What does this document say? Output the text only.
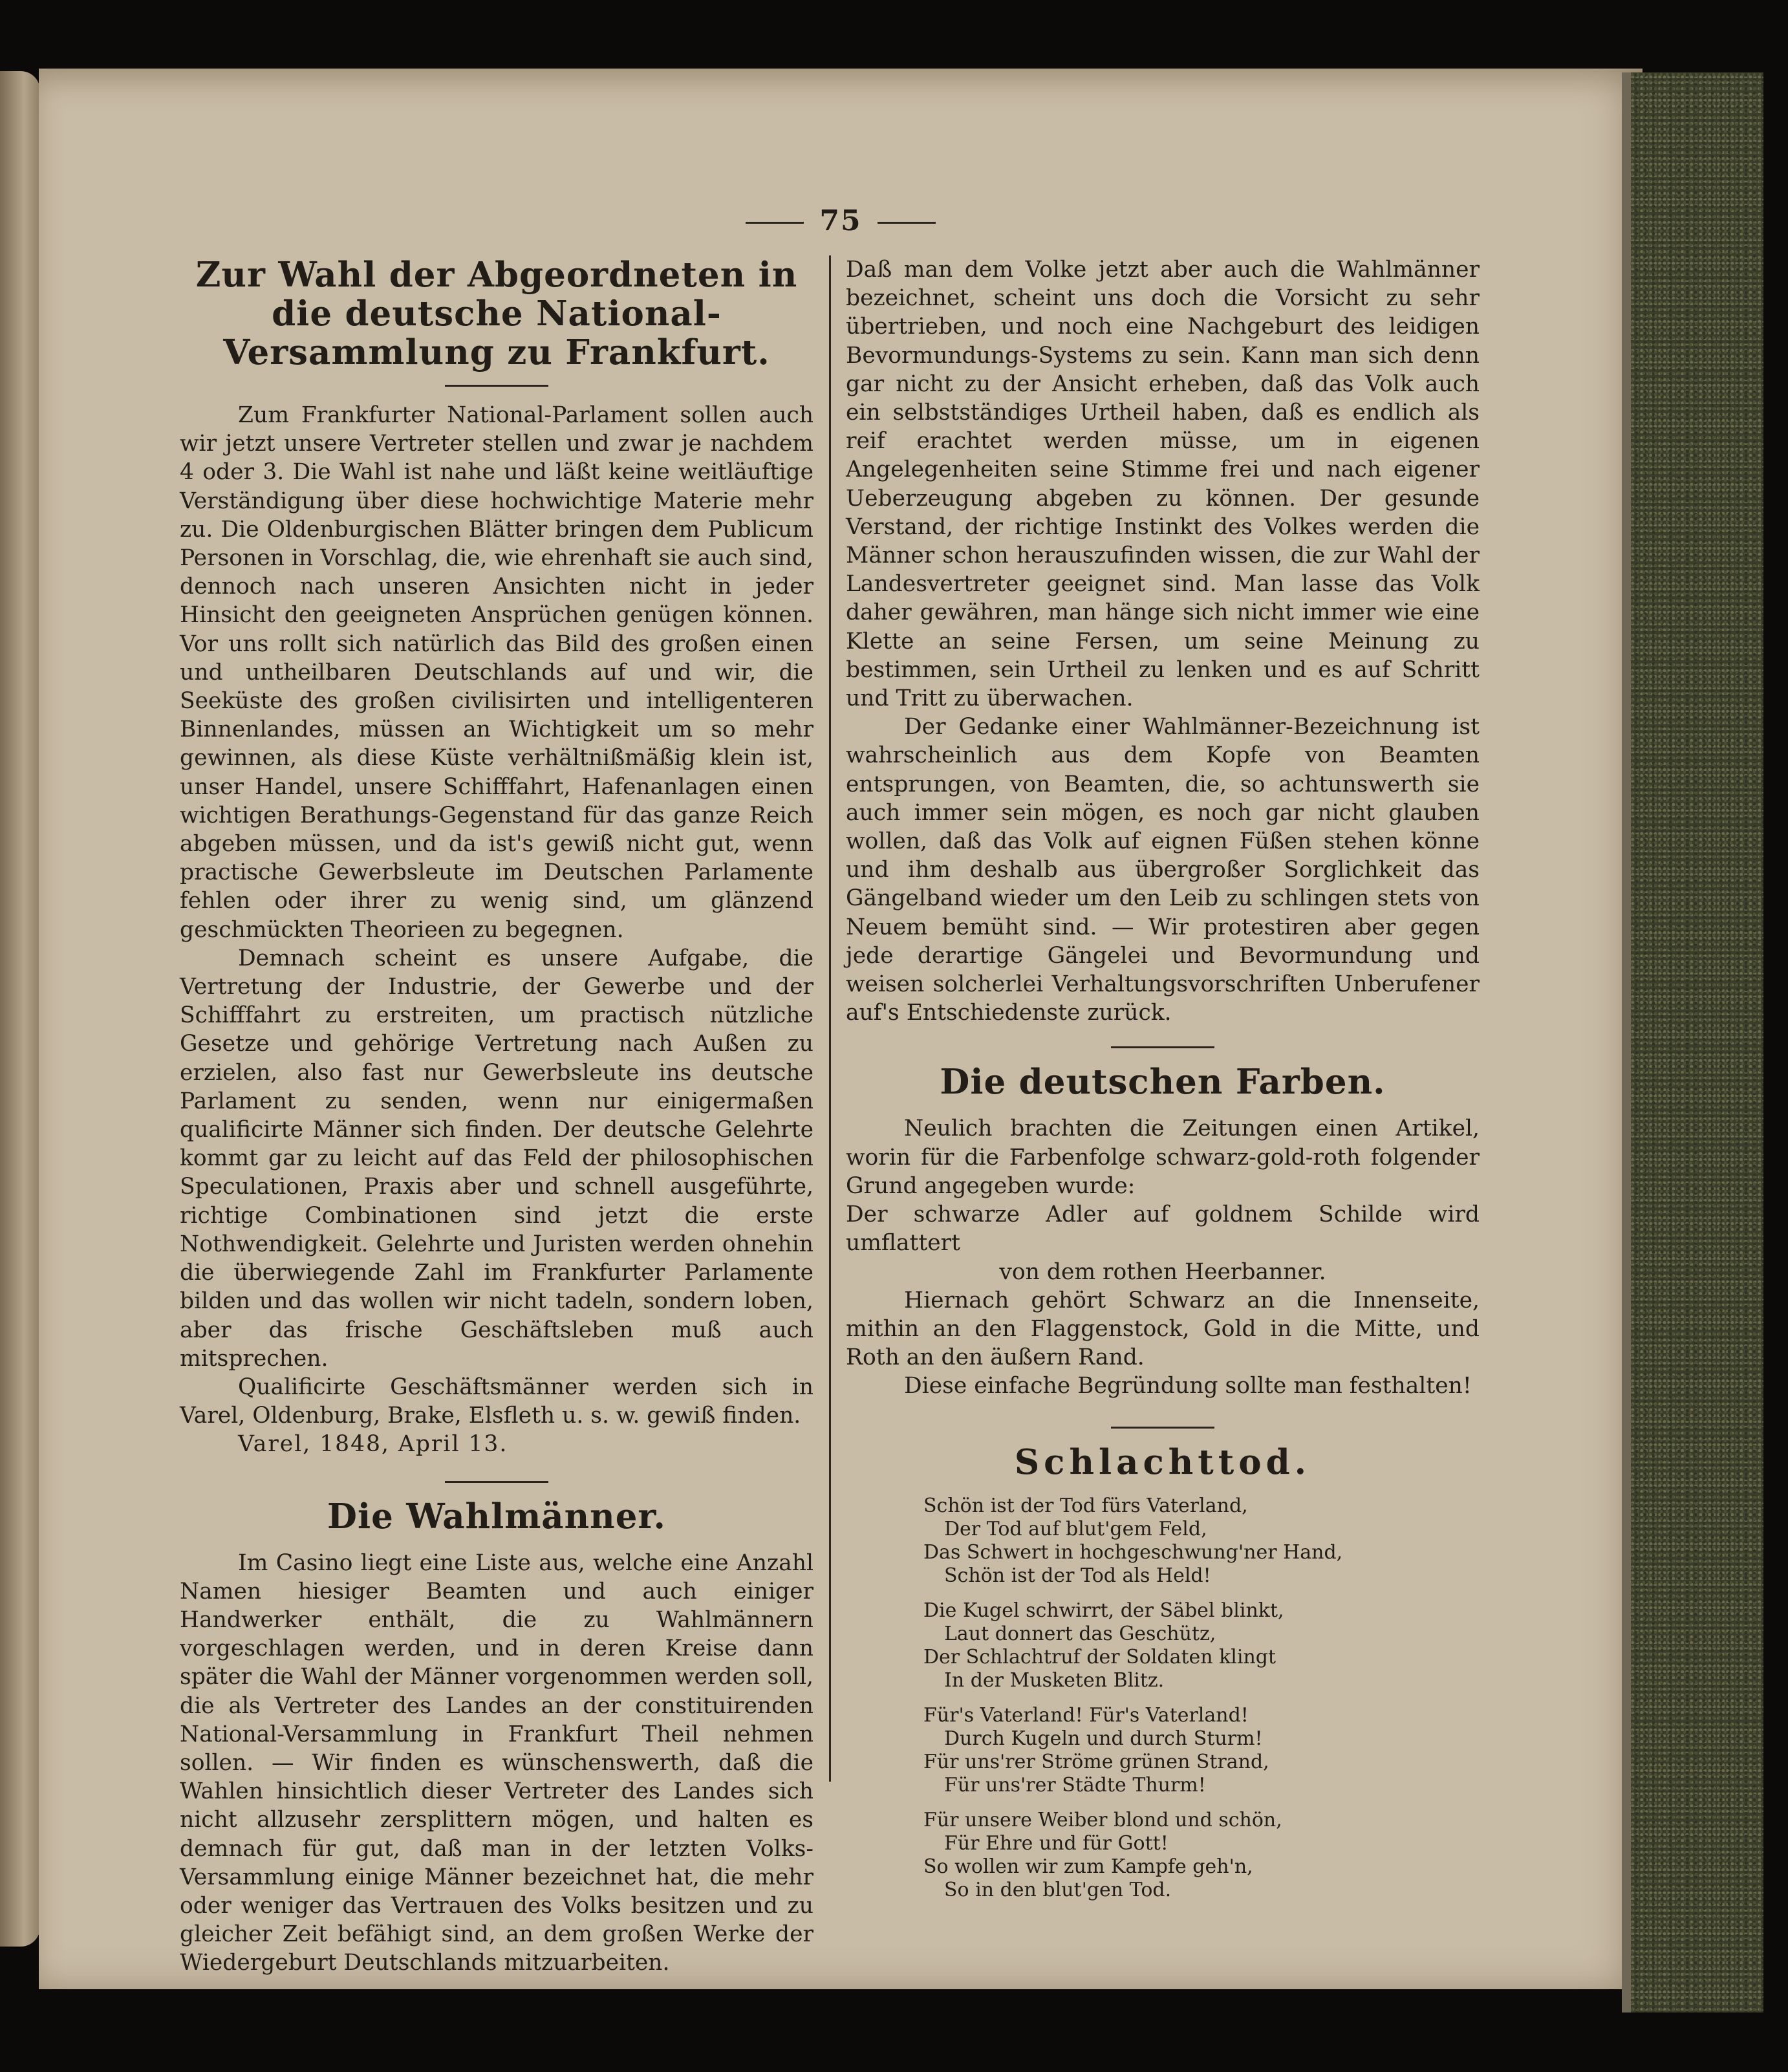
75
Zur Wahl der Abgeordneten in die deutsche National-Versammlung zu Frankfurt.

Zum Frankfurter National-Parlament sollen auch wir jetzt unsere Vertreter stellen und zwar je nachdem 4 oder 3. Die Wahl ist nahe und läßt keine weitläuftige Verständigung über diese hochwichtige Materie mehr zu. Die Oldenburgischen Blätter bringen dem Publicum Personen in Vorschlag, die, wie ehrenhaft sie auch sind, dennoch nach unseren Ansichten nicht in jeder Hinsicht den geeigneten Ansprüchen genügen können. Vor uns rollt sich natürlich das Bild des großen einen und untheilbaren Deutschlands auf und wir, die Seeküste des großen civilisirten und intelligenteren Binnenlandes, müssen an Wichtigkeit um so mehr gewinnen, als diese Küste verhältnißmäßig klein ist, unser Handel, unsere Schifffahrt, Hafenanlagen einen wichtigen Berathungs-Gegenstand für das ganze Reich abgeben müssen, und da ist's gewiß nicht gut, wenn practische Gewerbsleute im Deutschen Parlamente fehlen oder ihrer zu wenig sind, um glänzend geschmückten Theorieen zu begegnen.

Demnach scheint es unsere Aufgabe, die Vertretung der Industrie, der Gewerbe und der Schifffahrt zu erstreiten, um practisch nützliche Gesetze und gehörige Vertretung nach Außen zu erzielen, also fast nur Gewerbsleute ins deutsche Parlament zu senden, wenn nur einigermaßen qualificirte Männer sich finden. Der deutsche Gelehrte kommt gar zu leicht auf das Feld der philosophischen Speculationen, Praxis aber und schnell ausgeführte, richtige Combinationen sind jetzt die erste Nothwendigkeit. Gelehrte und Juristen werden ohnehin die überwiegende Zahl im Frankfurter Parlamente bilden und das wollen wir nicht tadeln, sondern loben, aber das frische Geschäftsleben muß auch mitsprechen.

Qualificirte Geschäftsmänner werden sich in Varel, Oldenburg, Brake, Elsfleth u. s. w. gewiß finden.

Varel, 1848, April 13.

Die Wahlmänner.

Im Casino liegt eine Liste aus, welche eine Anzahl Namen hiesiger Beamten und auch einiger Handwerker enthält, die zu Wahlmännern vorgeschlagen werden, und in deren Kreise dann später die Wahl der Männer vorgenommen werden soll, die als Vertreter des Landes an der constituirenden National-Versammlung in Frankfurt Theil nehmen sollen. — Wir finden es wünschenswerth, daß die Wahlen hinsichtlich dieser Vertreter des Landes sich nicht allzusehr zersplittern mögen, und halten es demnach für gut, daß man in der letzten Volks-Versammlung einige Männer bezeichnet hat, die mehr oder weniger das Vertrauen des Volks besitzen und zu gleicher Zeit befähigt sind, an dem großen Werke der Wiedergeburt Deutschlands mitzuarbeiten.

Daß man dem Volke jetzt aber auch die Wahlmänner bezeichnet, scheint uns doch die Vorsicht zu sehr übertrieben, und noch eine Nachgeburt des leidigen Bevormundungs-Systems zu sein. Kann man sich denn gar nicht zu der Ansicht erheben, daß das Volk auch ein selbstständiges Urtheil haben, daß es endlich als reif erachtet werden müsse, um in eigenen Angelegenheiten seine Stimme frei und nach eigener Ueberzeugung abgeben zu können. Der gesunde Verstand, der richtige Instinkt des Volkes werden die Männer schon herauszufinden wissen, die zur Wahl der Landesvertreter geeignet sind. Man lasse das Volk daher gewähren, man hänge sich nicht immer wie eine Klette an seine Fersen, um seine Meinung zu bestimmen, sein Urtheil zu lenken und es auf Schritt und Tritt zu überwachen.

Der Gedanke einer Wahlmänner-Bezeichnung ist wahrscheinlich aus dem Kopfe von Beamten entsprungen, von Beamten, die, so achtunswerth sie auch immer sein mögen, es noch gar nicht glauben wollen, daß das Volk auf eignen Füßen stehen könne und ihm deshalb aus übergroßer Sorglichkeit das Gängelband wieder um den Leib zu schlingen stets von Neuem bemüht sind. — Wir protestiren aber gegen jede derartige Gängelei und Bevormundung und weisen solcherlei Verhaltungsvorschriften Unberufener auf's Entschiedenste zurück.

Die deutschen Farben.

Neulich brachten die Zeitungen einen Artikel, worin für die Farbenfolge schwarz-gold-roth folgender Grund angegeben wurde:

Der schwarze Adler auf goldnem Schilde wird umflattert

von dem rothen Heerbanner.

Hiernach gehört Schwarz an die Innenseite, mithin an den Flaggenstock, Gold in die Mitte, und Roth an den äußern Rand.

Diese einfache Begründung sollte man festhalten!

Schlachttod.
Schön ist der Tod fürs Vaterland,
Der Tod auf blut'gem Feld,
Das Schwert in hochgeschwung'ner Hand,
Schön ist der Tod als Held!
Die Kugel schwirrt, der Säbel blinkt,
Laut donnert das Geschütz,
Der Schlachtruf der Soldaten klingt
In der Musketen Blitz.
Für's Vaterland! Für's Vaterland!
Durch Kugeln und durch Sturm!
Für uns'rer Ströme grünen Strand,
Für uns'rer Städte Thurm!
Für unsere Weiber blond und schön,
Für Ehre und für Gott!
So wollen wir zum Kampfe geh'n,
So in den blut'gen Tod.
